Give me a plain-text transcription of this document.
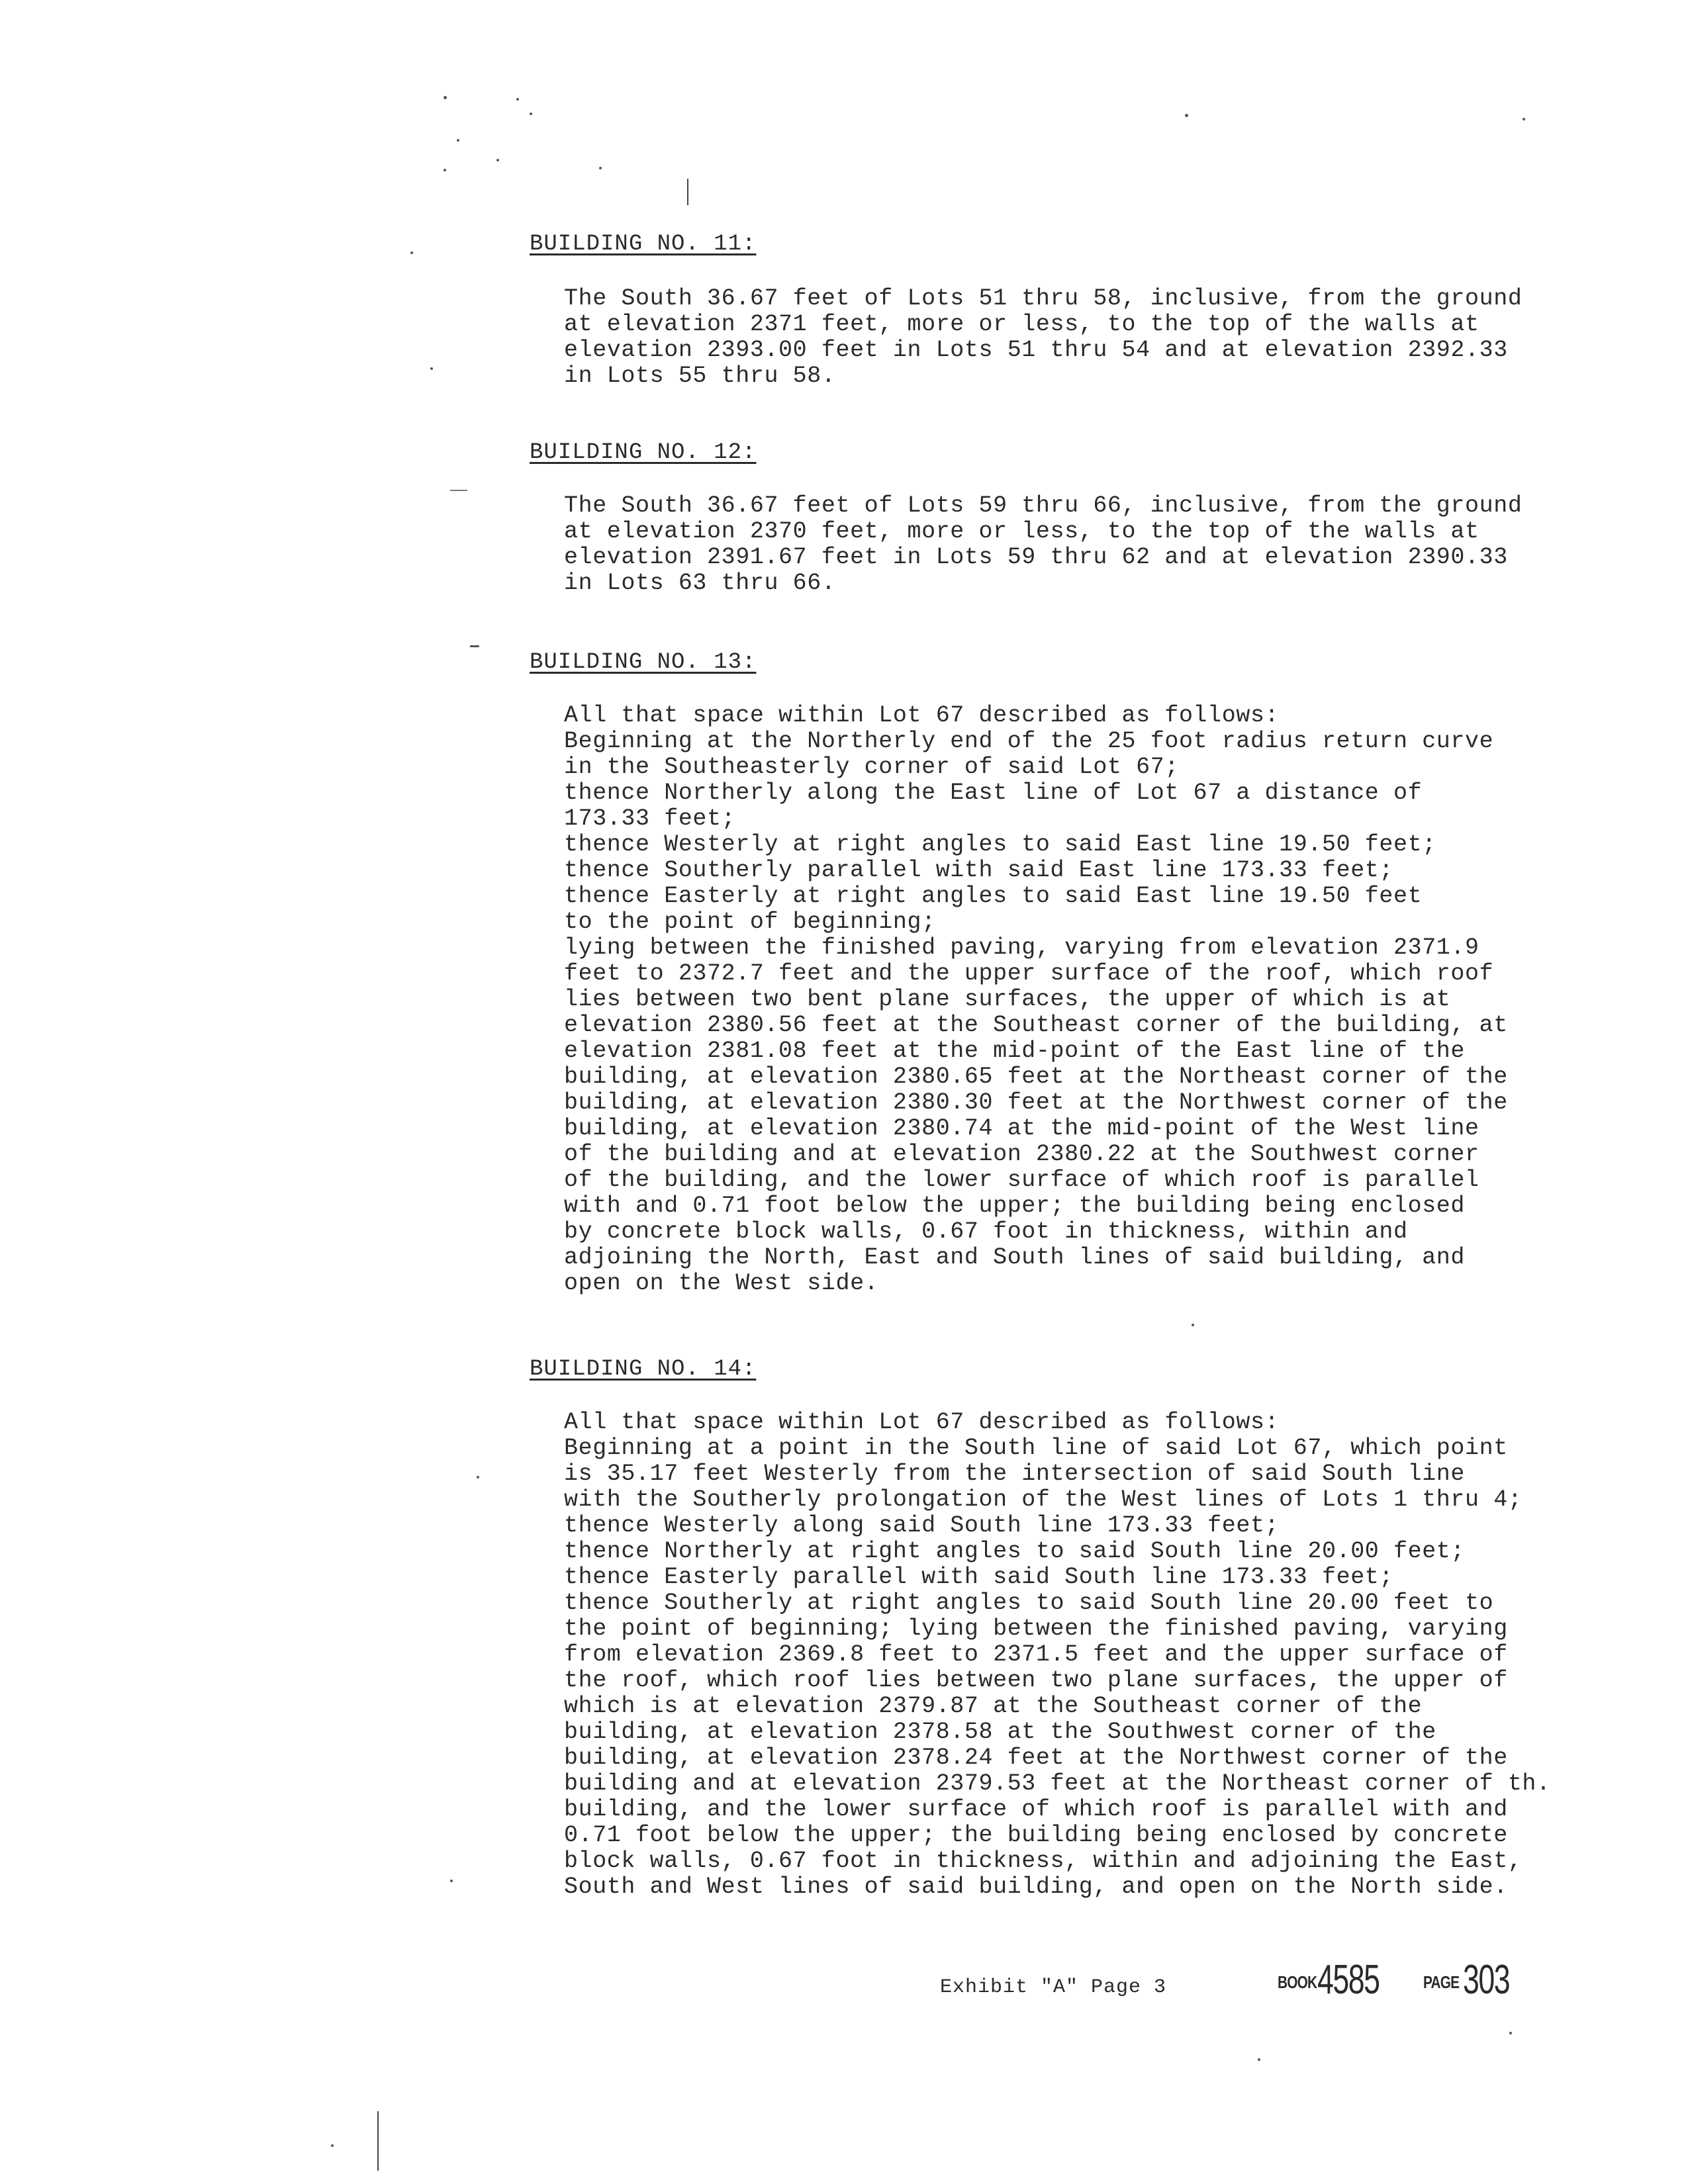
BUILDING NO. 11:
The South 36.67 feet of Lots 51 thru 58, inclusive, from the ground
at elevation 2371 feet, more or less, to the top of the walls at
elevation 2393.00 feet in Lots 51 thru 54 and at elevation 2392.33
in Lots 55 thru 58.
BUILDING NO. 12:
The South 36.67 feet of Lots 59 thru 66, inclusive, from the ground
at elevation 2370 feet, more or less, to the top of the walls at
elevation 2391.67 feet in Lots 59 thru 62 and at elevation 2390.33
in Lots 63 thru 66.
BUILDING NO. 13:
All that space within Lot 67 described as follows:
Beginning at the Northerly end of the 25 foot radius return curve
in the Southeasterly corner of said Lot 67;
thence Northerly along the East line of Lot 67 a distance of
173.33 feet;
thence Westerly at right angles to said East line 19.50 feet;
thence Southerly parallel with said East line 173.33 feet;
thence Easterly at right angles to said East line 19.50 feet
to the point of beginning;
lying between the finished paving, varying from elevation 2371.9
feet to 2372.7 feet and the upper surface of the roof, which roof
lies between two bent plane surfaces, the upper of which is at
elevation 2380.56 feet at the Southeast corner of the building, at
elevation 2381.08 feet at the mid-point of the East line of the
building, at elevation 2380.65 feet at the Northeast corner of the
building, at elevation 2380.30 feet at the Northwest corner of the
building, at elevation 2380.74 at the mid-point of the West line
of the building and at elevation 2380.22 at the Southwest corner
of the building, and the lower surface of which roof is parallel
with and 0.71 foot below the upper; the building being enclosed
by concrete block walls, 0.67 foot in thickness, within and
adjoining the North, East and South lines of said building, and
open on the West side.
BUILDING NO. 14:
All that space within Lot 67 described as follows:
Beginning at a point in the South line of said Lot 67, which point
is 35.17 feet Westerly from the intersection of said South line
with the Southerly prolongation of the West lines of Lots 1 thru 4;
thence Westerly along said South line 173.33 feet;
thence Northerly at right angles to said South line 20.00 feet;
thence Easterly parallel with said South line 173.33 feet;
thence Southerly at right angles to said South line 20.00 feet to
the point of beginning; lying between the finished paving, varying
from elevation 2369.8 feet to 2371.5 feet and the upper surface of
the roof, which roof lies between two plane surfaces, the upper of
which is at elevation 2379.87 at the Southeast corner of the
building, at elevation 2378.58 at the Southwest corner of the
building, at elevation 2378.24 feet at the Northwest corner of the
building and at elevation 2379.53 feet at the Northeast corner of th.
building, and the lower surface of which roof is parallel with and
0.71 foot below the upper; the building being enclosed by concrete
block walls, 0.67 foot in thickness, within and adjoining the East,
South and West lines of said building, and open on the North side.
Exhibit "A" Page 3	BOOK 4585	PAGE 303
